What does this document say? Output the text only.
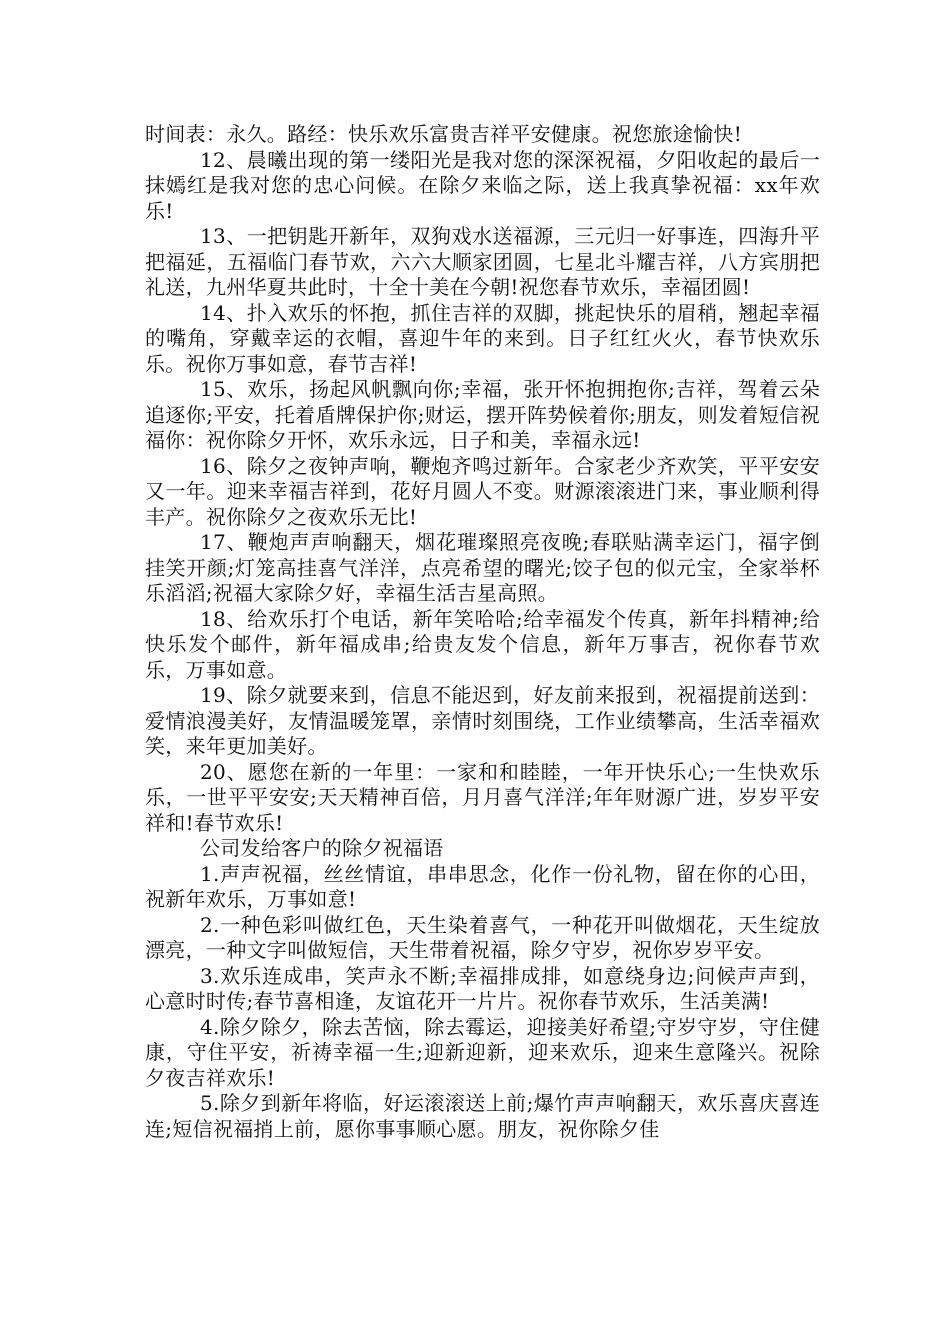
时间表：永久。路经：快乐欢乐富贵吉祥平安健康。祝您旅途愉快!

12、晨曦出现的第一缕阳光是我对您的深深祝福，夕阳收起的最后一抹嫣红是我对您的忠心问候。在除夕来临之际，送上我真挚祝福：xx年欢乐!

13、一把钥匙开新年，双狗戏水送福源，三元归一好事连，四海升平把福延，五福临门春节欢，六六大顺家团圆，七星北斗耀吉祥，八方宾朋把礼送，九州华夏共此时，十全十美在今朝!祝您春节欢乐，幸福团圆!

14、扑入欢乐的怀抱，抓住吉祥的双脚，挑起快乐的眉稍，翘起幸福的嘴角，穿戴幸运的衣帽，喜迎牛年的来到。日子红红火火，春节快欢乐乐。祝你万事如意，春节吉祥!

15、欢乐，扬起风帆飘向你;幸福，张开怀抱拥抱你;吉祥，驾着云朵追逐你;平安，托着盾牌保护你;财运，摆开阵势候着你;朋友，则发着短信祝福你：祝你除夕开怀，欢乐永远，日子和美，幸福永远!

16、除夕之夜钟声响，鞭炮齐鸣过新年。合家老少齐欢笑，平平安安又一年。迎来幸福吉祥到，花好月圆人不变。财源滚滚进门来，事业顺利得丰产。祝你除夕之夜欢乐无比!

17、鞭炮声声响翻天，烟花璀璨照亮夜晚;春联贴满幸运门，福字倒挂笑开颜;灯笼高挂喜气洋洋，点亮希望的曙光;饺子包的似元宝，全家举杯乐滔滔;祝福大家除夕好，幸福生活吉星高照。

18、给欢乐打个电话，新年笑哈哈;给幸福发个传真，新年抖精神;给快乐发个邮件，新年福成串;给贵友发个信息，新年万事吉，祝你春节欢乐，万事如意。

19、除夕就要来到，信息不能迟到，好友前来报到，祝福提前送到：爱情浪漫美好，友情温暖笼罩，亲情时刻围绕，工作业绩攀高，生活幸福欢笑，来年更加美好。

20、愿您在新的一年里：一家和和睦睦，一年开快乐心;一生快欢乐乐，一世平平安安;天天精神百倍，月月喜气洋洋;年年财源广进，岁岁平安祥和!春节欢乐!

公司发给客户的除夕祝福语

1.声声祝福，丝丝情谊，串串思念，化作一份礼物，留在你的心田，祝新年欢乐，万事如意!

2.一种色彩叫做红色，天生染着喜气，一种花开叫做烟花，天生绽放漂亮，一种文字叫做短信，天生带着祝福，除夕守岁，祝你岁岁平安。

3.欢乐连成串，笑声永不断;幸福排成排，如意绕身边;问候声声到，心意时时传;春节喜相逢，友谊花开一片片。祝你春节欢乐，生活美满!

4.除夕除夕，除去苦恼，除去霉运，迎接美好希望;守岁守岁，守住健康，守住平安，祈祷幸福一生;迎新迎新，迎来欢乐，迎来生意隆兴。祝除夕夜吉祥欢乐!

5.除夕到新年将临，好运滚滚送上前;爆竹声声响翻天，欢乐喜庆喜连连;短信祝福捎上前，愿你事事顺心愿。朋友，祝你除夕佳
